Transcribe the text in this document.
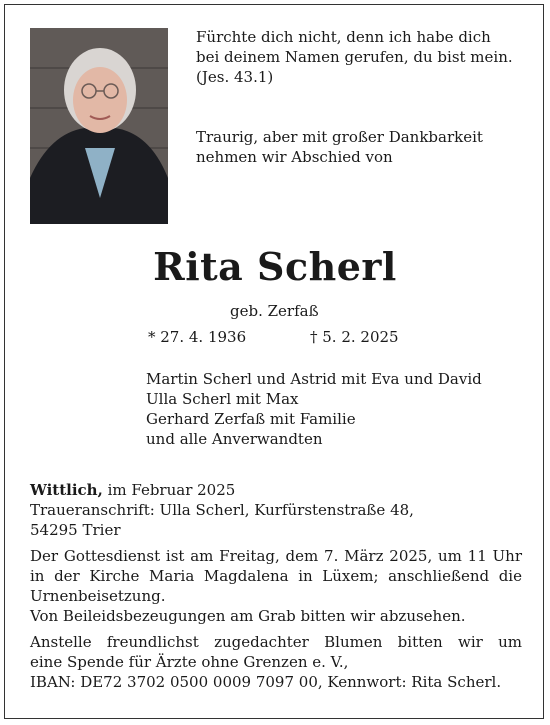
Fürchte dich nicht, denn ich habe dich
bei deinem Namen gerufen, du bist mein.
(Jes. 43.1)

Traurig, aber mit großer Dankbarkeit
nehmen wir Abschied von

Rita Scherl

geb. Zerfaß

* 27. 4. 1936	† 5. 2. 2025

Martin Scherl und Astrid mit Eva und David
Ulla Scherl mit Max
Gerhard Zerfaß mit Familie
und alle Anverwandten

Wittlich, im Februar 2025
Traueranschrift: Ulla Scherl, Kurfürstenstraße 48,
54295 Trier
Der Gottesdienst ist am Freitag, dem 7. März 2025, um 11 Uhr
in der Kirche Maria Magdalena in Lüxem; anschließend die
Urnenbeisetzung.
Von Beileidsbezeugungen am Grab bitten wir abzusehen.
Anstelle freundlichst zugedachter Blumen bitten wir um
eine Spende für Ärzte ohne Grenzen e. V.,
IBAN: DE72 3702 0500 0009 7097 00, Kennwort: Rita Scherl.
